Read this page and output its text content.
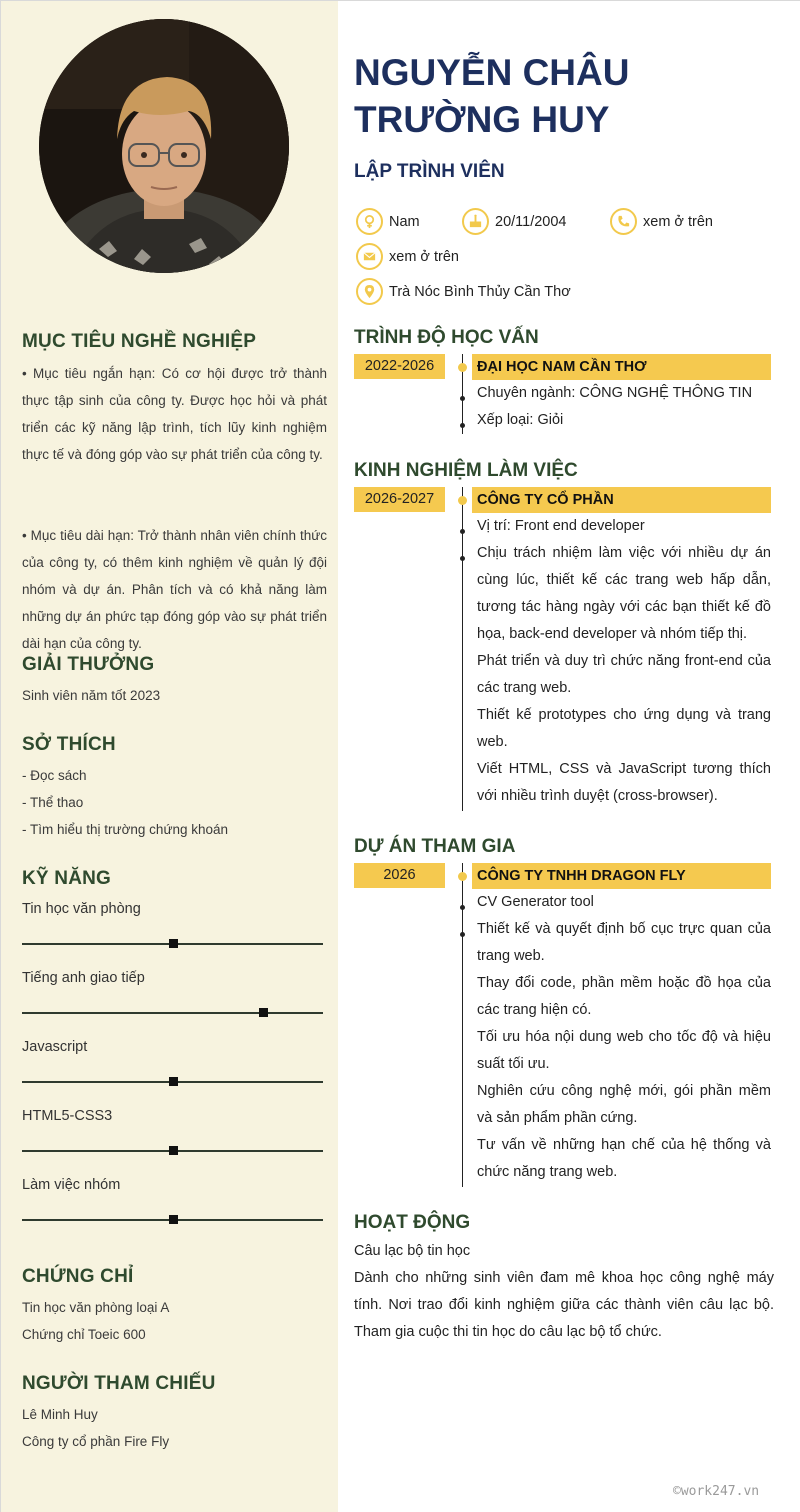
MỤC TIÊU NGHỀ NGHIỆP
• Mục tiêu ngắn hạn: Có cơ hội được trở thành thực tập sinh của công ty. Được học hỏi và phát triển các kỹ năng lập trình, tích lũy kinh nghiệm thực tế và đóng góp vào sự phát triển của công ty.
• Mục tiêu dài hạn: Trở thành nhân viên chính thức của công ty, có thêm kinh nghiệm về quản lý đội nhóm và dự án. Phân tích và có khả năng làm những dự án phức tạp đóng góp vào sự phát triển dài hạn của công ty.
GIẢI THƯỞNG
Sinh viên năm tốt 2023
SỞ THÍCH
- Đọc sách
- Thể thao
- Tìm hiểu thị trường chứng khoán
KỸ NĂNG
Tin học văn phòng
Tiếng anh giao tiếp
Javascript
HTML5-CSS3
Làm việc nhóm
CHỨNG CHỈ
Tin học văn phòng loại A
Chứng chỉ Toeic 600
NGƯỜI THAM CHIẾU
Lê Minh Huy
Công ty cổ phần Fire Fly
NGUYỄN CHÂU
TRƯỜNG HUY
LẬP TRÌNH VIÊN
Nam	20/11/2004	xem ở trên
xem ở trên
Trà Nóc Bình Thủy Cần Thơ
TRÌNH ĐỘ HỌC VẤN
2022-2026	ĐẠI HỌC NAM CẦN THƠ
Chuyên ngành: CÔNG NGHỆ THÔNG TIN
Xếp loại: Giỏi
KINH NGHIỆM LÀM VIỆC
2026-2027	CÔNG TY CỔ PHẦN
Vị trí: Front end developer
Chịu trách nhiệm làm việc với nhiều dự án cùng lúc, thiết kế các trang web hấp dẫn, tương tác hàng ngày với các bạn thiết kế đồ họa, back-end developer và nhóm tiếp thị.
Phát triển và duy trì chức năng front-end của các trang web.
Thiết kế prototypes cho ứng dụng và trang web.
Viết HTML, CSS và JavaScript tương thích với nhiều trình duyệt (cross-browser).
DỰ ÁN THAM GIA
2026	CÔNG TY TNHH DRAGON FLY
CV Generator tool
Thiết kế và quyết định bố cục trực quan của trang web.
Thay đổi code, phần mềm hoặc đồ họa của các trang hiện có.
Tối ưu hóa nội dung web cho tốc độ và hiệu suất tối ưu.
Nghiên cứu công nghệ mới, gói phần mềm và sản phẩm phần cứng.
Tư vấn về những hạn chế của hệ thống và chức năng trang web.
HOẠT ĐỘNG
Câu lạc bộ tin học
Dành cho những sinh viên đam mê khoa học công nghệ máy tính. Nơi trao đổi kinh nghiệm giữa các thành viên câu lạc bộ. Tham gia cuộc thi tin học do câu lạc bộ tổ chức.
©work247.vn
